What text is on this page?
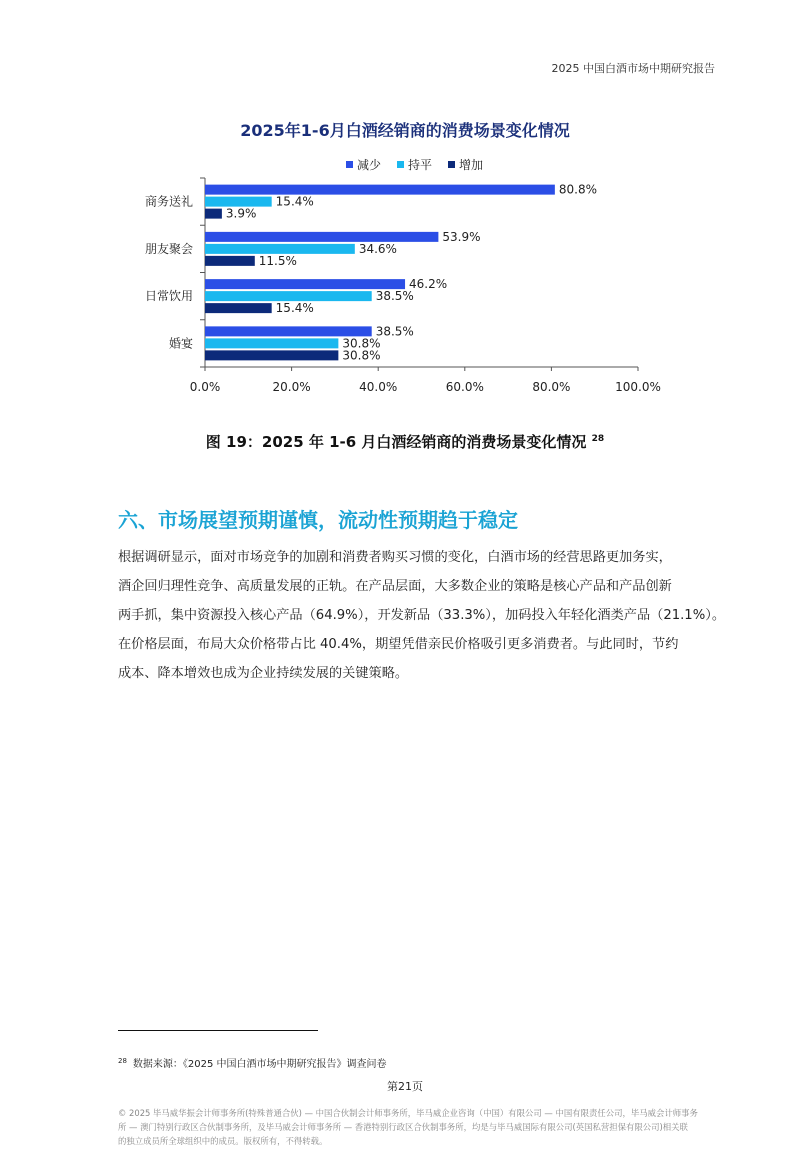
2025 中国白酒市场中期研究报告
2025年1-6月白酒经销商的消费场景变化情况
减少 持平 增加
商务送礼
朋友聚会
日常饮用
婚宴
80.8%
15.4%
3.9%
53.9%
34.6%
11.5%
46.2%
38.5%
15.4%
38.5%
30.8%
30.8%
0.0%	20.0%	40.0%	60.0%	80.0%	100.0%
图 19：2025 年 1-6 月白酒经销商的消费场景变化情况 $^{28}$
六、市场展望预期谨慎，流动性预期趋于稳定

根据调研显示，面对市场竞争的加剧和消费者购买习惯的变化，白酒市场的经营思路更加务实，

酒企回归理性竞争、高质量发展的正轨。在产品层面，大多数企业的策略是核心产品和产品创新

两手抓，集中资源投入核心产品（64.9%），开发新品（33.3%），加码投入年轻化酒类产品（21.1%）。

在价格层面，布局大众价格带占比 40.4%，期望凭借亲民价格吸引更多消费者。与此同时，节约

成本、降本增效也成为企业持续发展的关键策略。

$^{28}$ 数据来源：《2025 中国白酒市场中期研究报告》调查问卷
第21页

© 2025 毕马威华振会计师事务所(特殊普通合伙) — 中国合伙制会计师事务所，毕马威企业咨询（中国）有限公司 — 中国有限责任公司，毕马威会计师事务

所 — 澳门特别行政区合伙制事务所，及毕马威会计师事务所 — 香港特别行政区合伙制事务所，均是与毕马威国际有限公司(英国私营担保有限公司)相关联

的独立成员所全球组织中的成员。版权所有，不得转载。
